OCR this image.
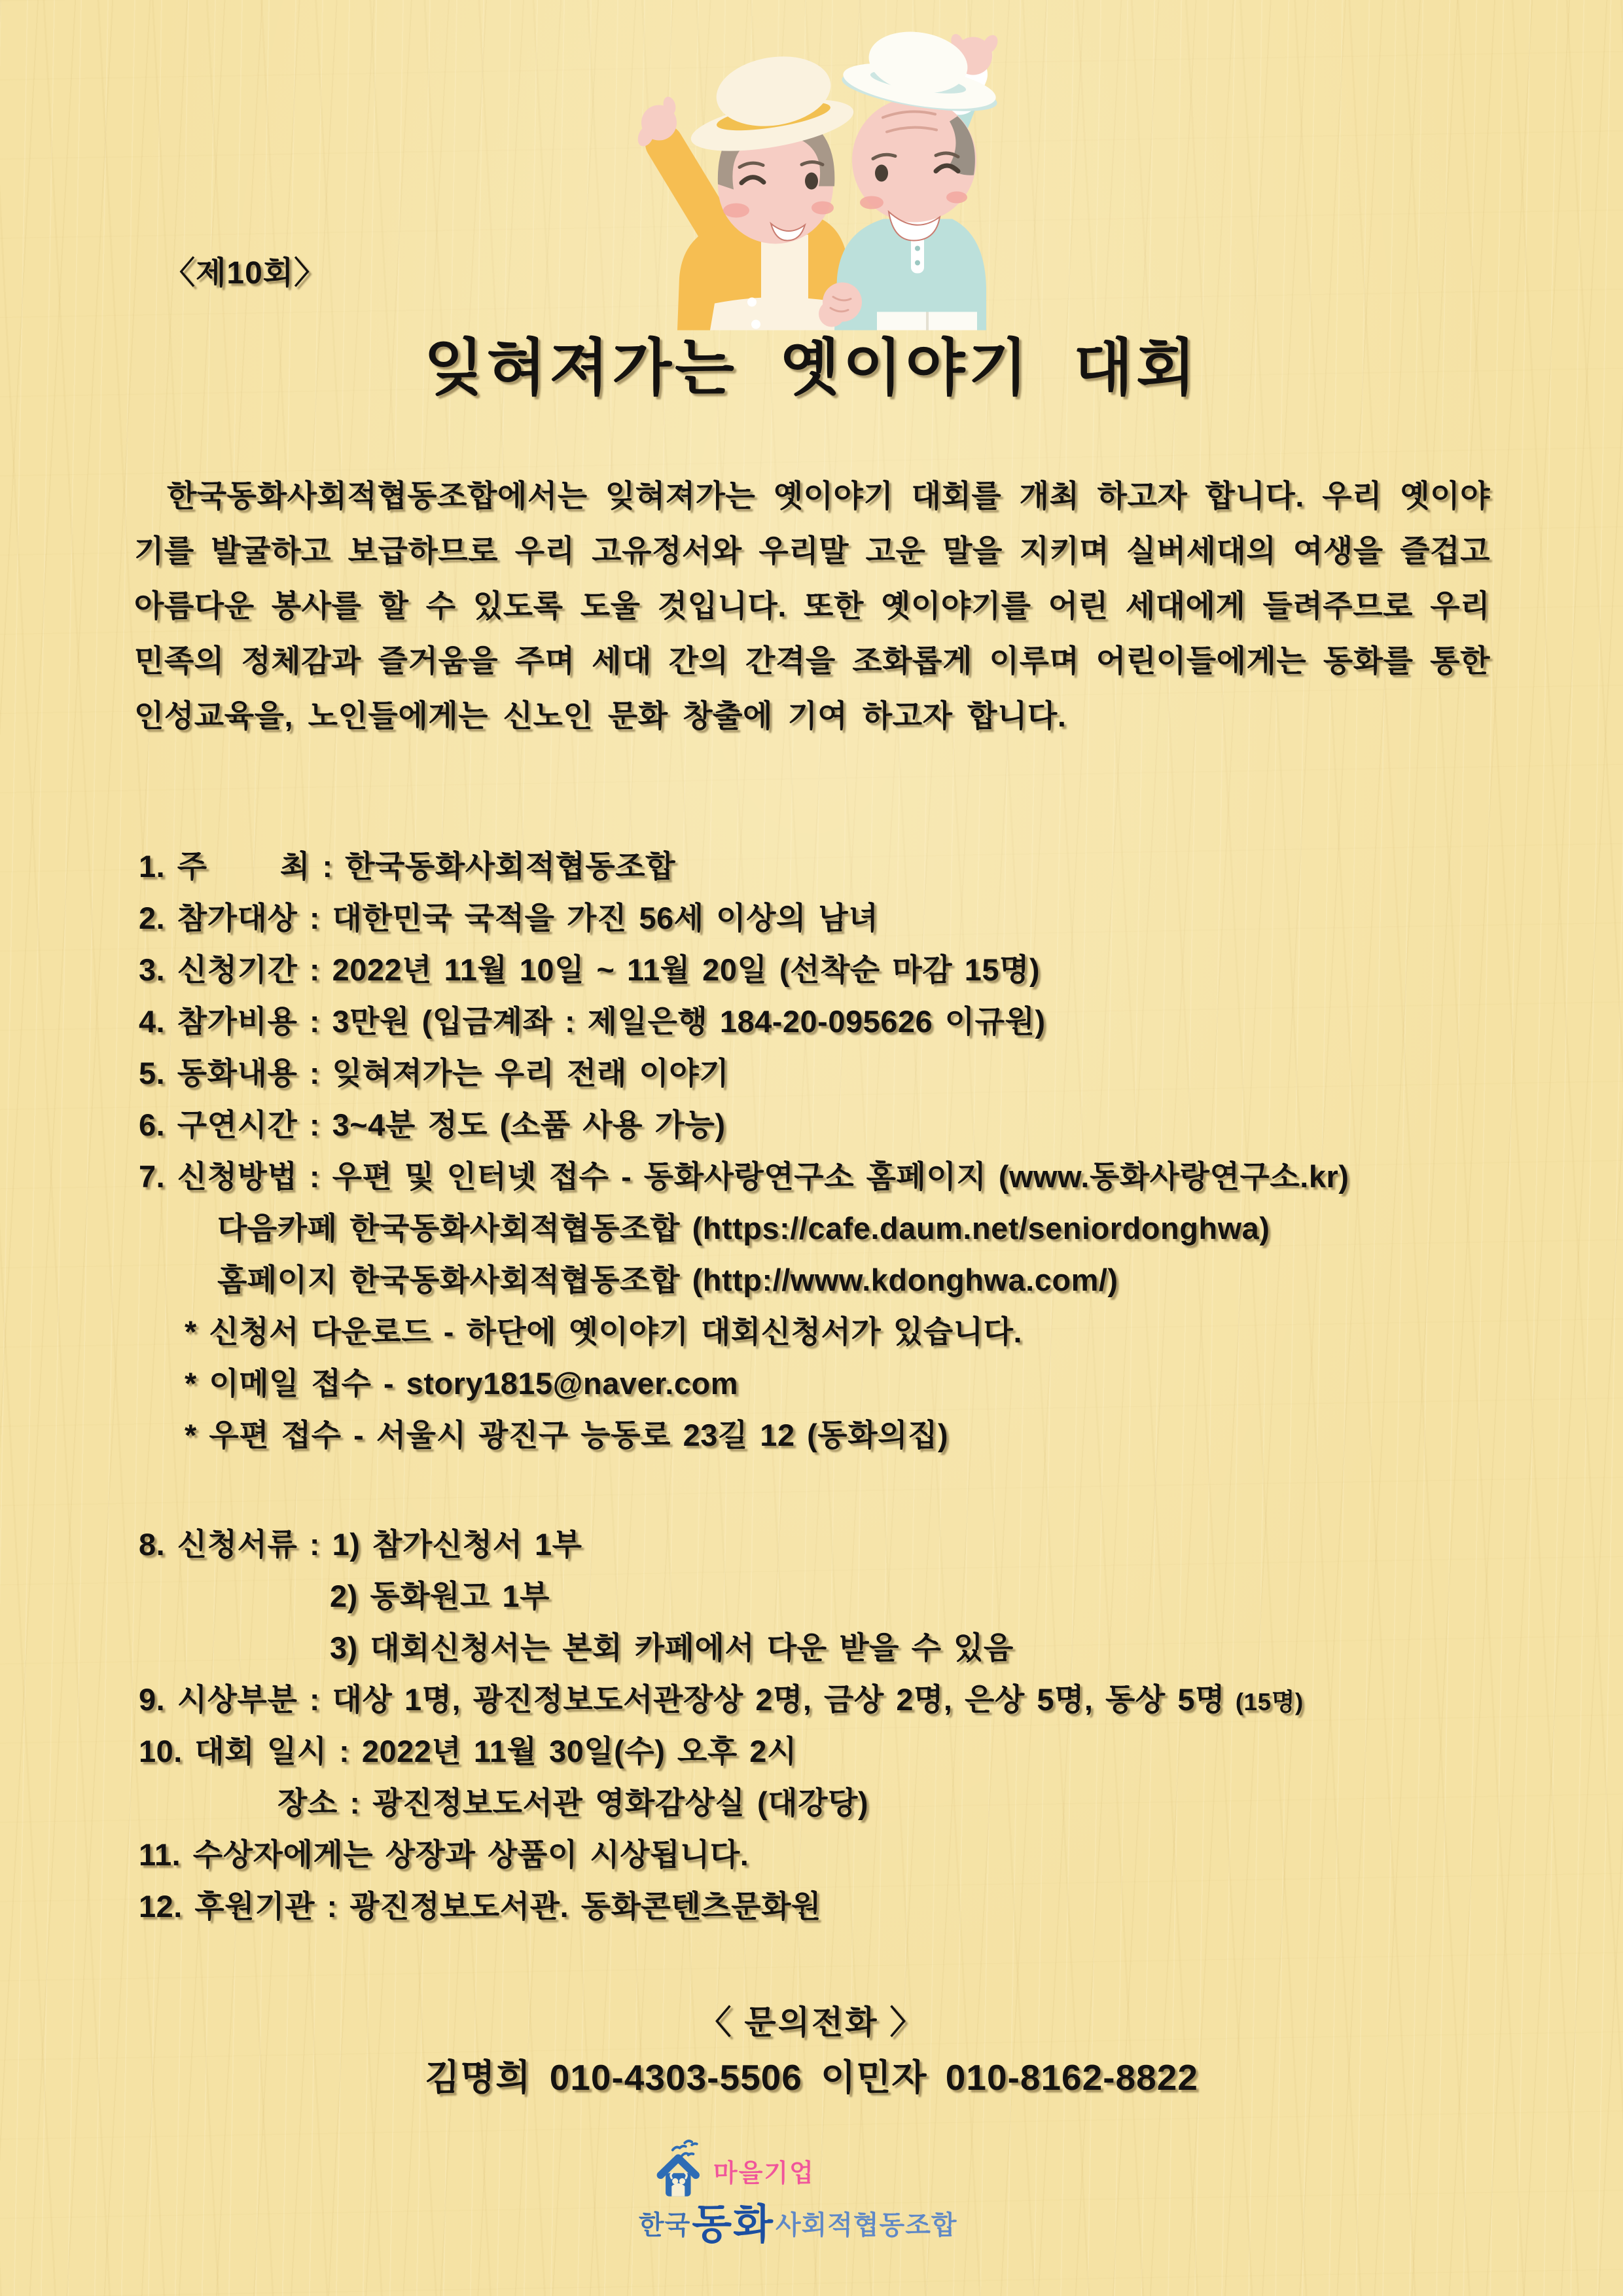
〈제10회〉
잊혀져가는 옛이야기 대회
한국동화사회적협동조합에서는 잊혀져가는 옛이야기 대회를 개최 하고자 합니다. 우리 옛이야기를 발굴하고 보급하므로 우리 고유정서와 우리말 고운 말을 지키며 실버세대의 여생을 즐겁고 아름다운 봉사를 할 수 있도록 도울 것입니다. 또한 옛이야기를 어린 세대에게 들려주므로 우리 민족의 정체감과 즐거움을 주며 세대 간의 간격을 조화롭게 이루며 어린이들에게는 동화를 통한 인성교육을, 노인들에게는 신노인 문화 창출에 기여 하고자 합니다.
1. 주      최 : 한국동화사회적협동조합
2. 참가대상 : 대한민국 국적을 가진 56세 이상의 남녀
3. 신청기간 : 2022년 11월 10일 ~ 11월 20일 (선착순 마감 15명)
4. 참가비용 : 3만원 (입금계좌 : 제일은행 184-20-095626 이규원)
5. 동화내용 : 잊혀져가는 우리 전래 이야기
6. 구연시간 : 3~4분 정도 (소품 사용 가능)
7. 신청방법 : 우편 및 인터넷 접수 - 동화사랑연구소 홈페이지 (www.동화사랑연구소.kr)
다음카페 한국동화사회적협동조합 (https://cafe.daum.net/seniordonghwa)
홈페이지 한국동화사회적협동조합 (http://www.kdonghwa.com/)
* 신청서 다운로드 - 하단에 옛이야기 대회신청서가 있습니다.
* 이메일 접수 - story1815@naver.com
* 우편 접수 - 서울시 광진구 능동로 23길 12 (동화의집)
8. 신청서류 : 1) 참가신청서 1부
2) 동화원고 1부
3) 대회신청서는 본회 카페에서 다운 받을 수 있음
9. 시상부분 : 대상 1명, 광진정보도서관장상 2명, 금상 2명, 은상 5명, 동상 5명 (15명)
10. 대회 일시 : 2022년 11월 30일(수) 오후 2시
장소 : 광진정보도서관 영화감상실 (대강당)
11. 수상자에게는 상장과 상품이 시상됩니다.
12. 후원기관 : 광진정보도서관. 동화콘텐츠문화원
〈 문의전화 〉
김명희 010-4303-5506 이민자 010-8162-8822
마을기업
한국 동화 사회적협동조합
